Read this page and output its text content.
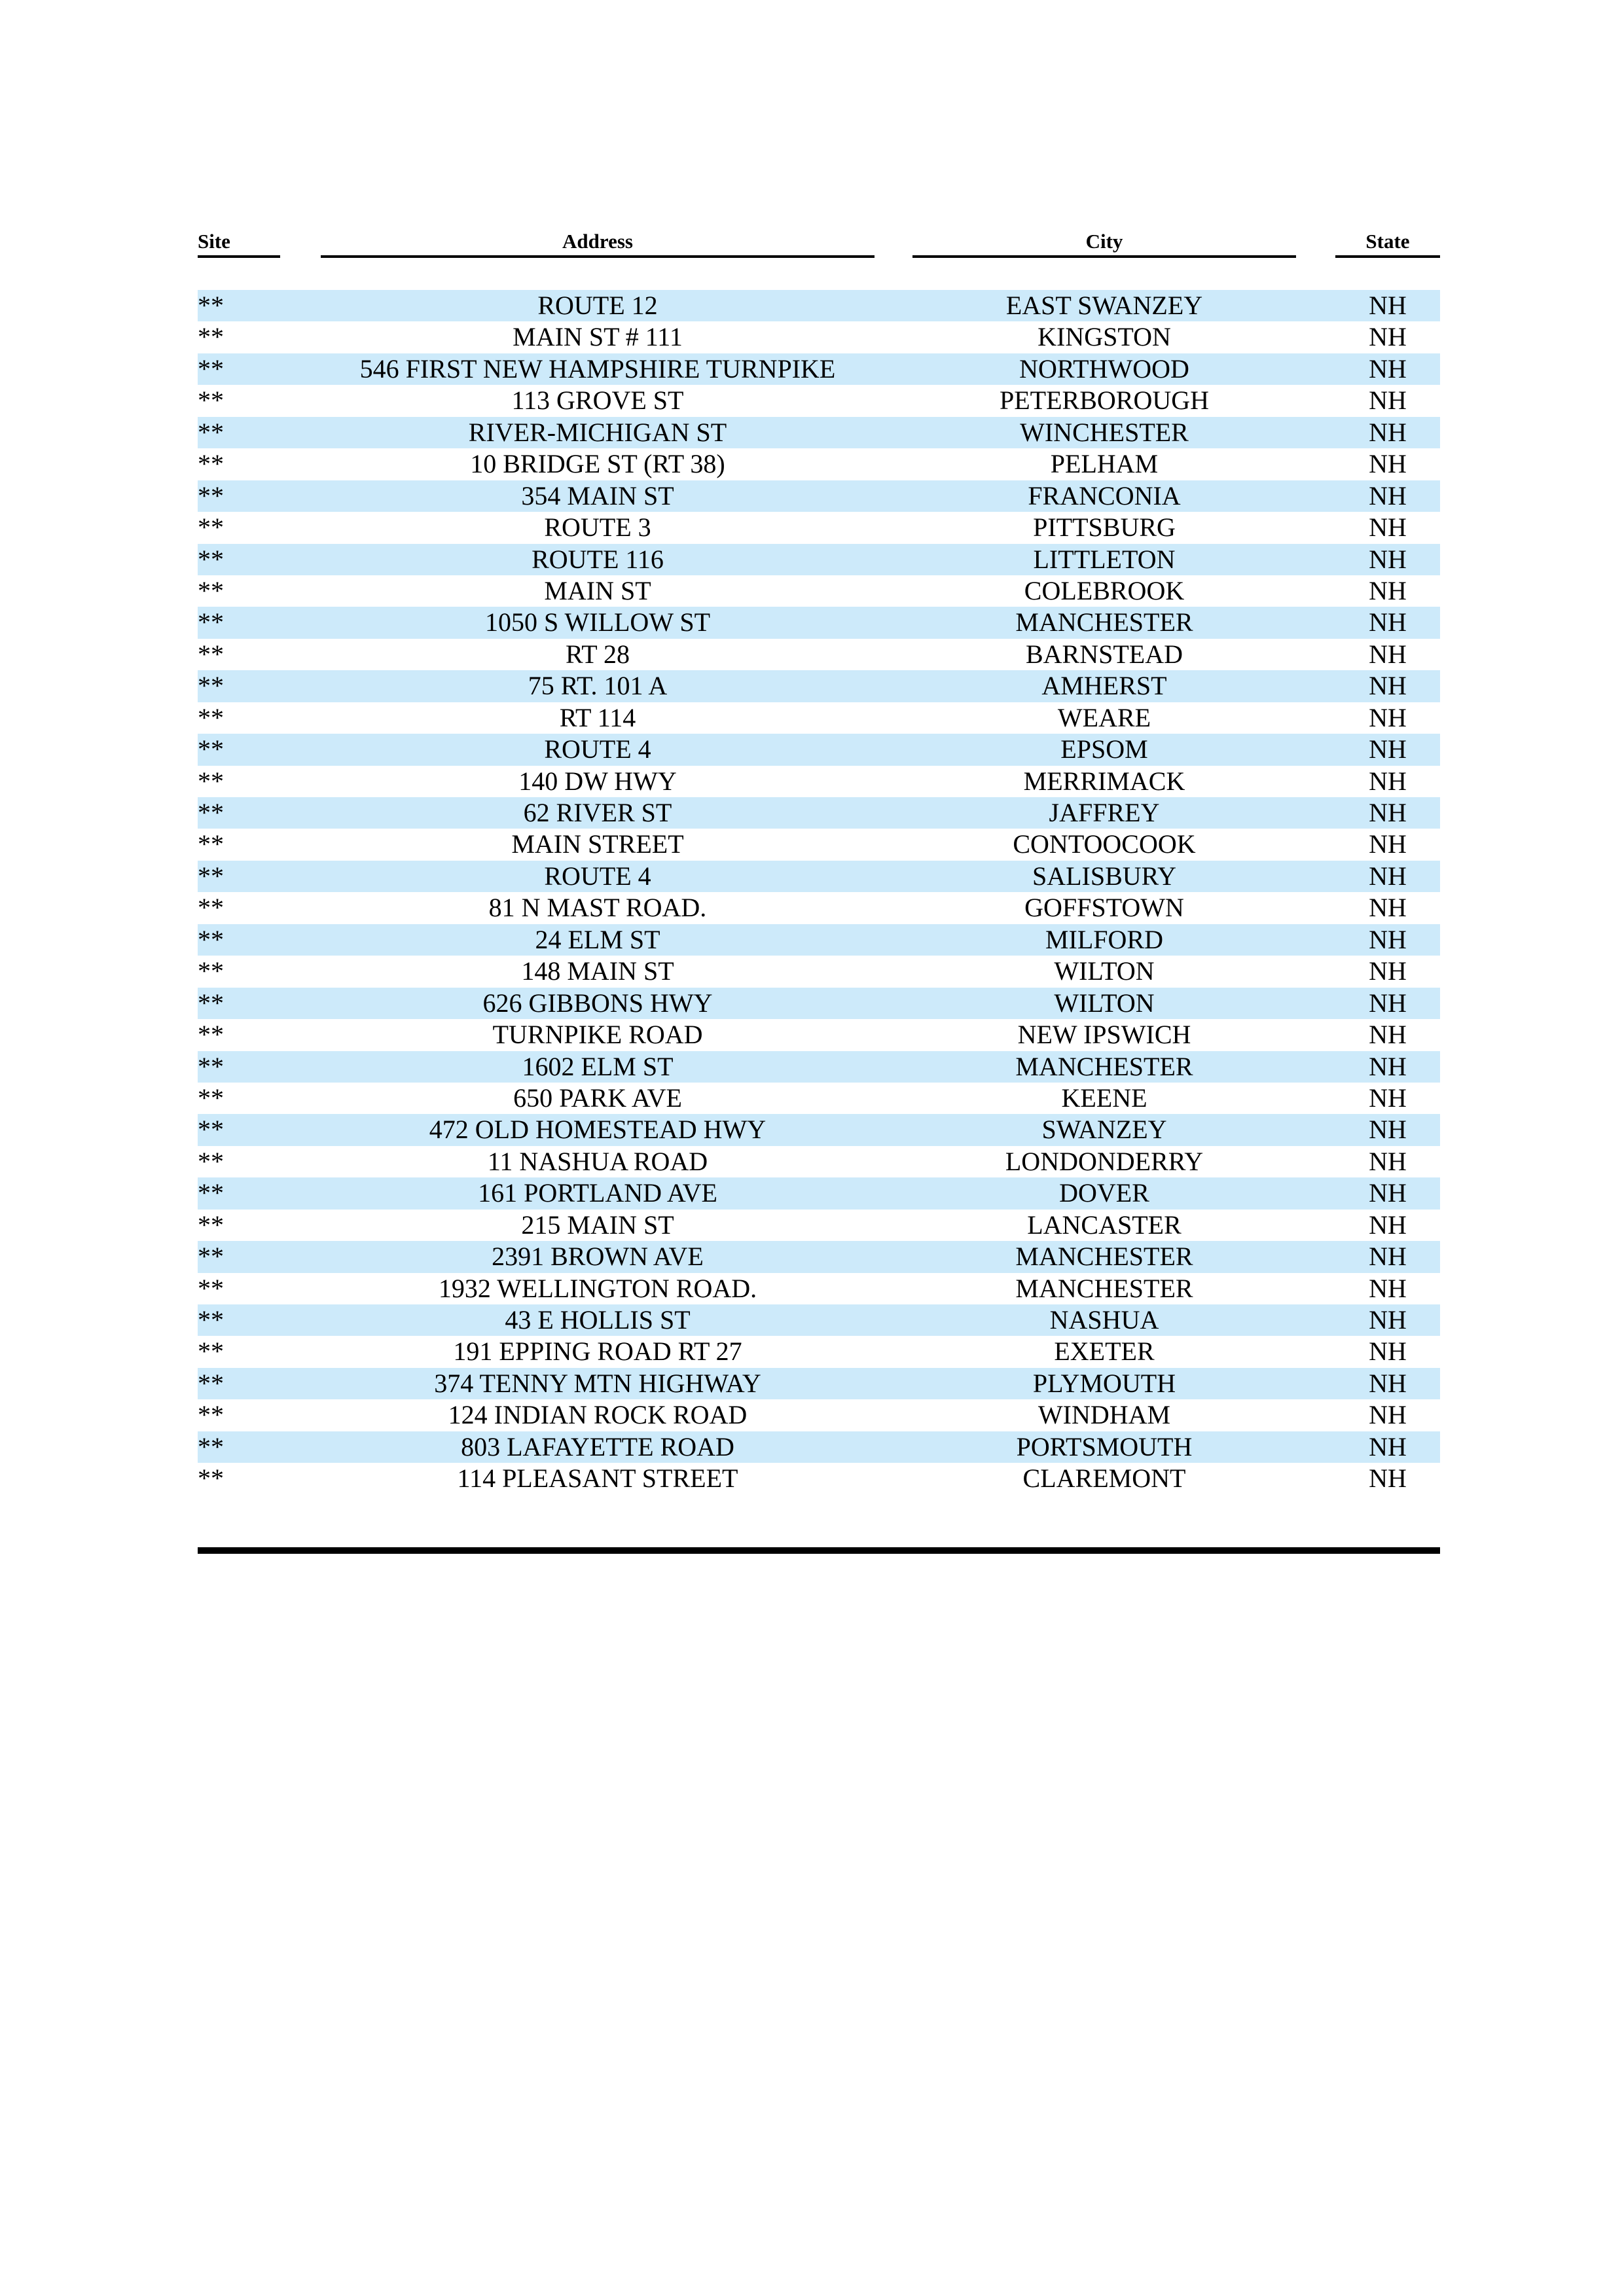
Site	Address	City	State
**	ROUTE 12	EAST SWANZEY	NH
**	MAIN ST # 111	KINGSTON	NH
**	546 FIRST NEW HAMPSHIRE TURNPIKE	NORTHWOOD	NH
**	113 GROVE ST	PETERBOROUGH	NH
**	RIVER-MICHIGAN ST	WINCHESTER	NH
**	10 BRIDGE ST (RT 38)	PELHAM	NH
**	354 MAIN ST	FRANCONIA	NH
**	ROUTE 3	PITTSBURG	NH
**	ROUTE 116	LITTLETON	NH
**	MAIN ST	COLEBROOK	NH
**	1050 S WILLOW ST	MANCHESTER	NH
**	RT 28	BARNSTEAD	NH
**	75 RT. 101 A	AMHERST	NH
**	RT 114	WEARE	NH
**	ROUTE 4	EPSOM	NH
**	140 DW HWY	MERRIMACK	NH
**	62 RIVER ST	JAFFREY	NH
**	MAIN STREET	CONTOOCOOK	NH
**	ROUTE 4	SALISBURY	NH
**	81 N MAST ROAD.	GOFFSTOWN	NH
**	24 ELM ST	MILFORD	NH
**	148 MAIN ST	WILTON	NH
**	626 GIBBONS HWY	WILTON	NH
**	TURNPIKE ROAD	NEW IPSWICH	NH
**	1602 ELM ST	MANCHESTER	NH
**	650 PARK AVE	KEENE	NH
**	472 OLD HOMESTEAD HWY	SWANZEY	NH
**	11 NASHUA ROAD	LONDONDERRY	NH
**	161 PORTLAND AVE	DOVER	NH
**	215 MAIN ST	LANCASTER	NH
**	2391 BROWN AVE	MANCHESTER	NH
**	1932 WELLINGTON ROAD.	MANCHESTER	NH
**	43 E HOLLIS ST	NASHUA	NH
**	191 EPPING ROAD RT 27	EXETER	NH
**	374 TENNY MTN HIGHWAY	PLYMOUTH	NH
**	124 INDIAN ROCK ROAD	WINDHAM	NH
**	803 LAFAYETTE ROAD	PORTSMOUTH	NH
**	114 PLEASANT STREET	CLAREMONT	NH
